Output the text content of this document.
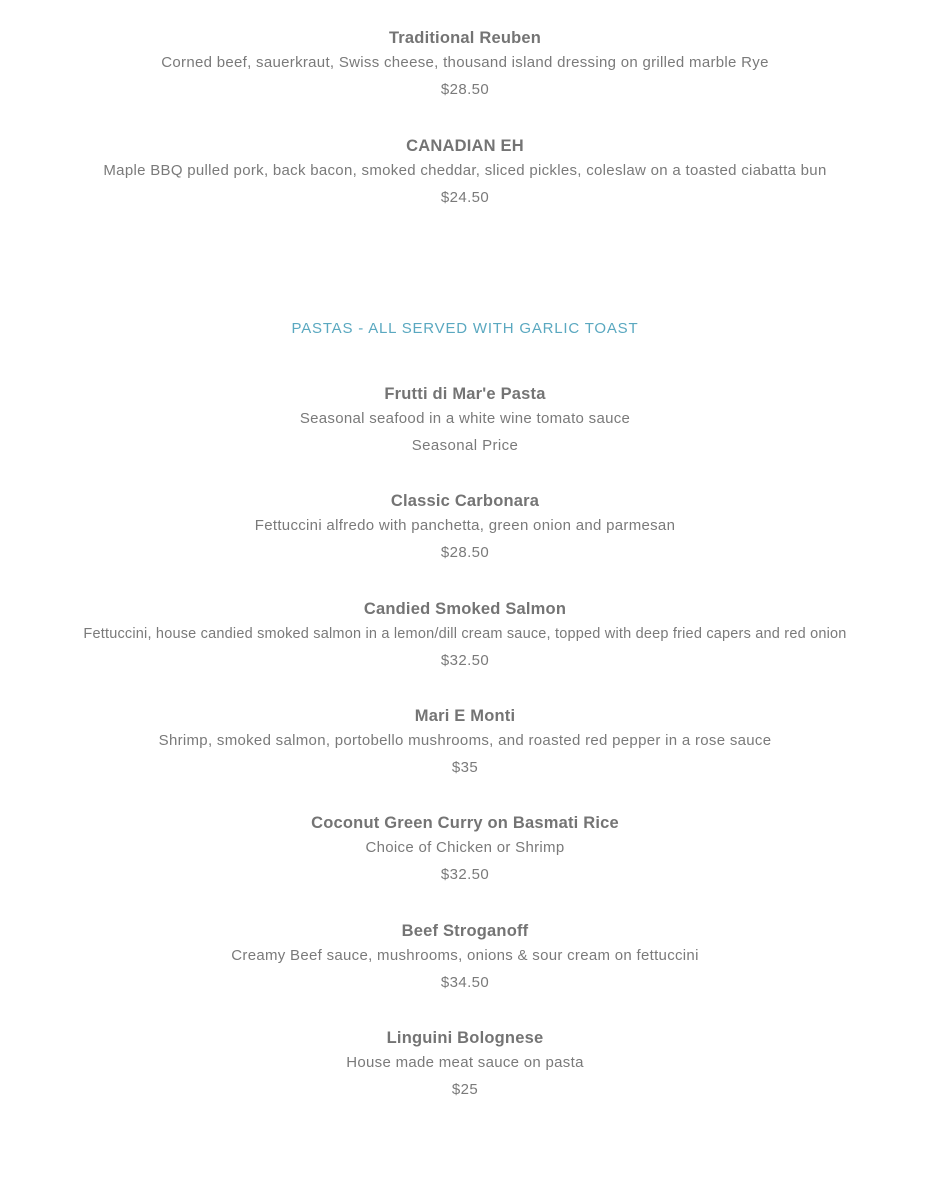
Traditional Reuben
Corned beef, sauerkraut, Swiss cheese, thousand island dressing on grilled marble Rye
$28.50
CANADIAN EH
Maple BBQ pulled pork, back bacon, smoked cheddar, sliced pickles, coleslaw on a toasted ciabatta bun
$24.50
PASTAS - ALL SERVED WITH GARLIC TOAST
Frutti di Mar'e Pasta
Seasonal seafood in a white wine tomato sauce
Seasonal Price
Classic Carbonara
Fettuccini alfredo with panchetta, green onion and parmesan
$28.50
Candied Smoked Salmon
Fettuccini, house candied smoked salmon in a lemon/dill cream sauce, topped with deep fried capers and red onion
$32.50
Mari E Monti
Shrimp, smoked salmon, portobello mushrooms, and roasted red pepper in a rose sauce
$35
Coconut Green Curry on Basmati Rice
Choice of Chicken or Shrimp
$32.50
Beef Stroganoff
Creamy Beef sauce, mushrooms, onions & sour cream on fettuccini
$34.50
Linguini Bolognese
House made meat sauce on pasta
$25
